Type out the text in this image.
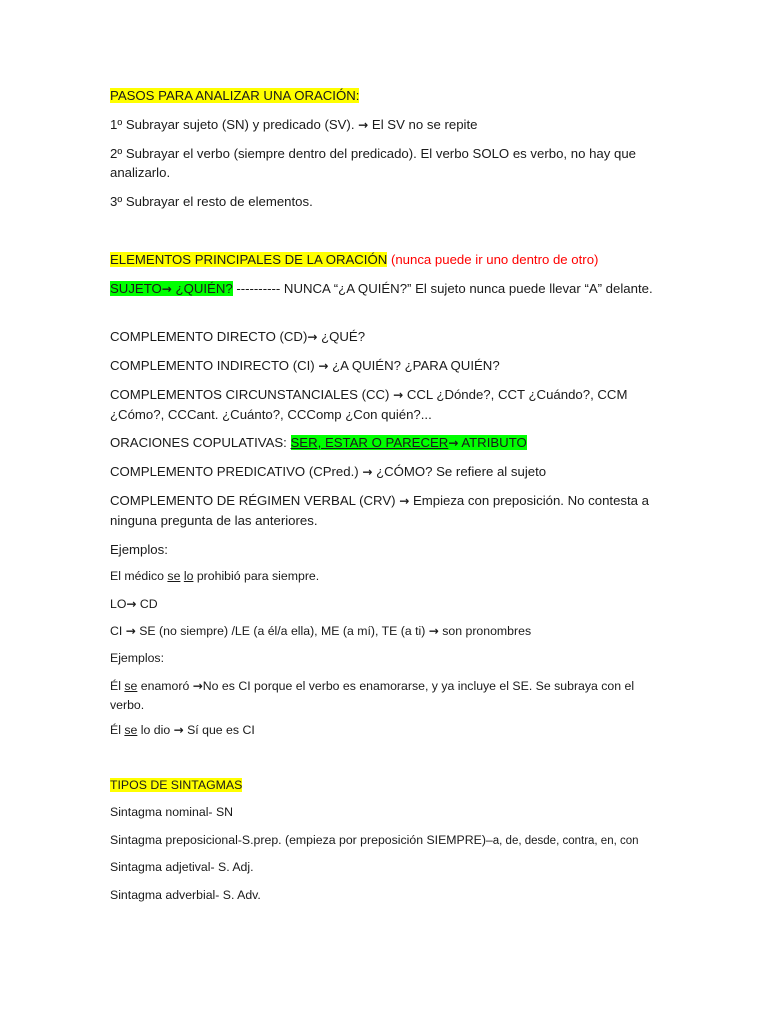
PASOS PARA ANALIZAR UNA ORACIÓN:
1º Subrayar sujeto (SN) y predicado (SV). → El SV no se repite
2º Subrayar el verbo (siempre dentro del predicado). El verbo SOLO es verbo, no hay que analizarlo.
3º Subrayar el resto de elementos.
ELEMENTOS PRINCIPALES DE LA ORACIÓN (nunca puede ir uno dentro de otro)
SUJETO→ ¿QUIÉN? ---------- NUNCA “¿A QUIÉN?” El sujeto nunca puede llevar “A” delante.
COMPLEMENTO DIRECTO (CD)→ ¿QUÉ?
COMPLEMENTO INDIRECTO (CI) → ¿A QUIÉN? ¿PARA QUIÉN?
COMPLEMENTOS CIRCUNSTANCIALES (CC) → CCL ¿Dónde?, CCT ¿Cuándo?, CCM ¿Cómo?, CCCant. ¿Cuánto?, CCComp ¿Con quién?...
ORACIONES COPULATIVAS: SER, ESTAR O PARECER→ ATRIBUTO
COMPLEMENTO PREDICATIVO (CPred.) → ¿CÓMO? Se refiere al sujeto
COMPLEMENTO DE RÉGIMEN VERBAL (CRV) → Empieza con preposición. No contesta a ninguna pregunta de las anteriores.
Ejemplos:
El médico se lo prohibió para siempre.
LO→ CD
CI → SE (no siempre) /LE (a él/a ella), ME (a mí), TE (a ti) → son pronombres
Ejemplos:
Él se enamoró →No es CI porque el verbo es enamorarse, y ya incluye el SE. Se subraya con el verbo.
Él se lo dio → Sí que es CI
TIPOS DE SINTAGMAS
Sintagma nominal- SN
Sintagma preposicional-S.prep. (empieza por preposición SIEMPRE)–a, de, desde, contra, en, con
Sintagma adjetival- S. Adj.
Sintagma adverbial- S. Adv.
